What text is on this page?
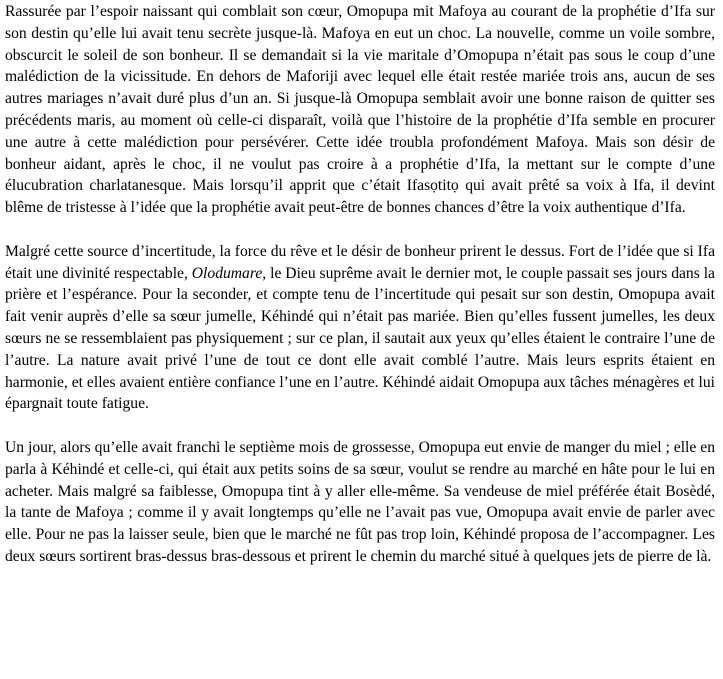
Rassurée par l’espoir naissant qui comblait son cœur, Omopupa mit Mafoya au courant de la prophétie d’Ifa sur son destin qu’elle lui avait tenu secrète jusque-là. Mafoya en eut un choc. La nouvelle, comme un voile sombre, obscurcit le soleil de son bonheur. Il se demandait si la vie maritale d’Omopupa n’était pas sous le coup d’une malédiction de la vicissitude. En dehors de Maforiji avec lequel elle était restée mariée trois ans, aucun de ses autres mariages n’avait duré plus d’un an. Si jusque-là Omopupa semblait avoir une bonne raison de quitter ses précédents maris, au moment où celle-ci disparaît, voilà que l’histoire de la prophétie d’Ifa semble en procurer une autre à cette malédiction pour persévérer. Cette idée troubla profondément Mafoya. Mais son désir de bonheur aidant, après le choc, il ne voulut pas croire à a prophétie d’Ifa, la mettant sur le compte d’une élucubration charlatanesque. Mais lorsqu’il apprit que c’était Ifasọtitọ qui avait prêté sa voix à Ifa, il devint blême de tristesse à l’idée que la prophétie avait peut-être de bonnes chances d’être la voix authentique d’Ifa.

Malgré cette source d’incertitude, la force du rêve et le désir de bonheur prirent le dessus. Fort de l’idée que si Ifa était une divinité respectable, Olodumare, le Dieu suprême avait le dernier mot, le couple passait ses jours dans la prière et l’espérance. Pour la seconder, et compte tenu de l’incertitude qui pesait sur son destin, Omopupa avait fait venir auprès d’elle sa sœur jumelle, Kéhindé qui n’était pas mariée. Bien qu’elles fussent jumelles, les deux sœurs ne se ressemblaient pas physiquement ; sur ce plan, il sautait aux yeux qu’elles étaient le contraire l’une de l’autre. La nature avait privé l’une de tout ce dont elle avait comblé l’autre. Mais leurs esprits étaient en harmonie, et elles avaient entière confiance l’une en l’autre. Kéhindé aidait Omopupa aux tâches ménagères et lui épargnait toute fatigue.

Un jour, alors qu’elle avait franchi le septième mois de grossesse, Omopupa eut envie de manger du miel ; elle en parla à Kéhindé et celle-ci, qui était aux petits soins de sa sœur, voulut se rendre au marché en hâte pour le lui en acheter. Mais malgré sa faiblesse, Omopupa tint à y aller elle-même. Sa vendeuse de miel préférée était Bosèdé, la tante de Mafoya ; comme il y avait longtemps qu’elle ne l’avait pas vue, Omopupa avait envie de parler avec elle. Pour ne pas la laisser seule, bien que le marché ne fût pas trop loin, Kéhindé proposa de l’accompagner. Les deux sœurs sortirent bras-dessus bras-dessous et prirent le chemin du marché situé à quelques jets de pierre de là.
